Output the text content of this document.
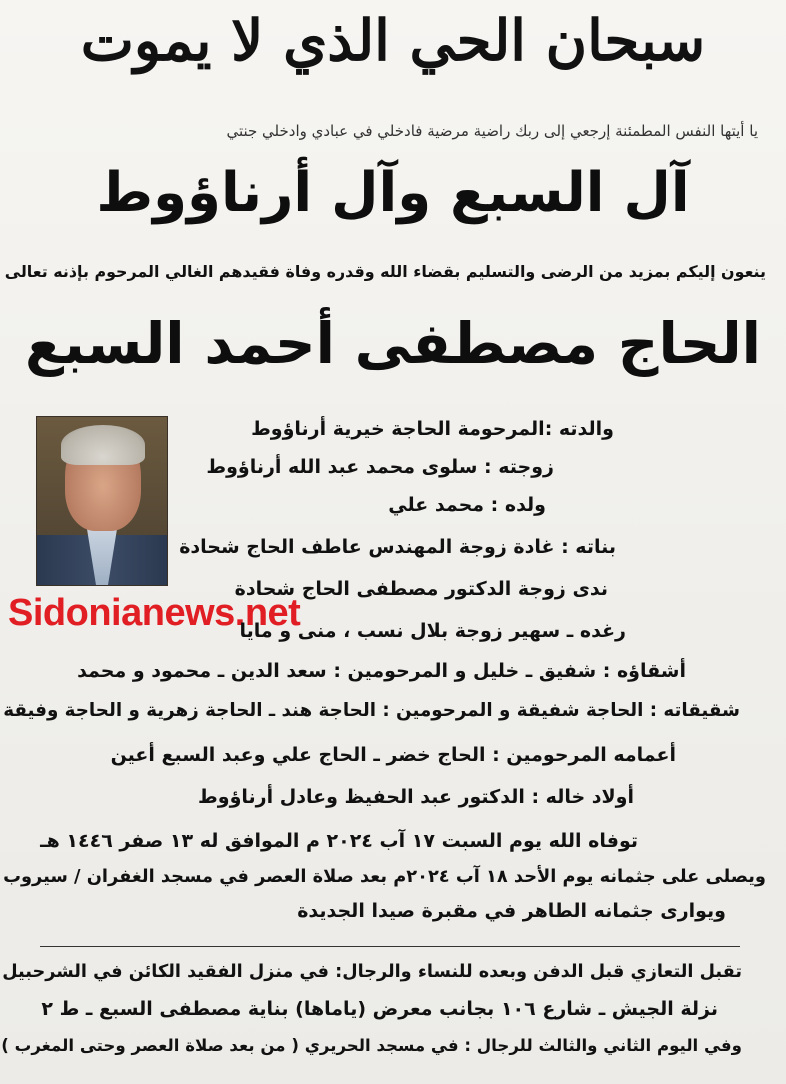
سبحان الحي الذي لا يموت
يا أيتها النفس المطمئنة إرجعي إلى ربك راضية مرضية فادخلي في عبادي وادخلي جنتي
آل السبع وآل أرناؤوط
ينعون إليكم بمزيد من الرضى والتسليم بقضاء الله وقدره وفاة فقيدهم الغالي المرحوم بإذنه تعالى
الحاج مصطفى أحمد السبع
Sidonianews.net
والدته :المرحومة الحاجة خيرية أرناؤوط
زوجته : سلوى محمد عبد الله أرناؤوط
ولده : محمد علي
بناته : غادة زوجة المهندس عاطف الحاج شحادة
ندى زوجة الدكتور مصطفى الحاج شحادة
رغده ـ سهير زوجة بلال نسب ، منى و مايا
أشقاؤه : شفيق ـ خليل و المرحومين : سعد الدين ـ محمود و محمد
شقيقاته : الحاجة شفيقة و المرحومين : الحاجة هند ـ الحاجة زهرية و الحاجة وفيقة
أعمامه المرحومين : الحاج خضر ـ الحاج علي وعبد السبع أعين
أولاد خاله : الدكتور عبد الحفيظ وعادل أرناؤوط
توفاه الله يوم السبت ١٧ آب ٢٠٢٤ م الموافق له ١٣ صفر ١٤٤٦ هـ
ويصلى على جثمانه يوم الأحد ١٨ آب ٢٠٢٤م بعد صلاة العصر في مسجد الغفران / سيروب
ويوارى جثمانه الطاهر في مقبرة صيدا الجديدة
تقبل التعازي قبل الدفن وبعده للنساء والرجال: في منزل الفقيد الكائن في الشرحبيل
نزلة الجيش ـ شارع ١٠٦ بجانب معرض (ياماها) بناية مصطفى السبع ـ ط ٢
وفي اليوم الثاني والثالث للرجال : في مسجد الحريري ( من بعد صلاة العصر وحتى المغرب )
